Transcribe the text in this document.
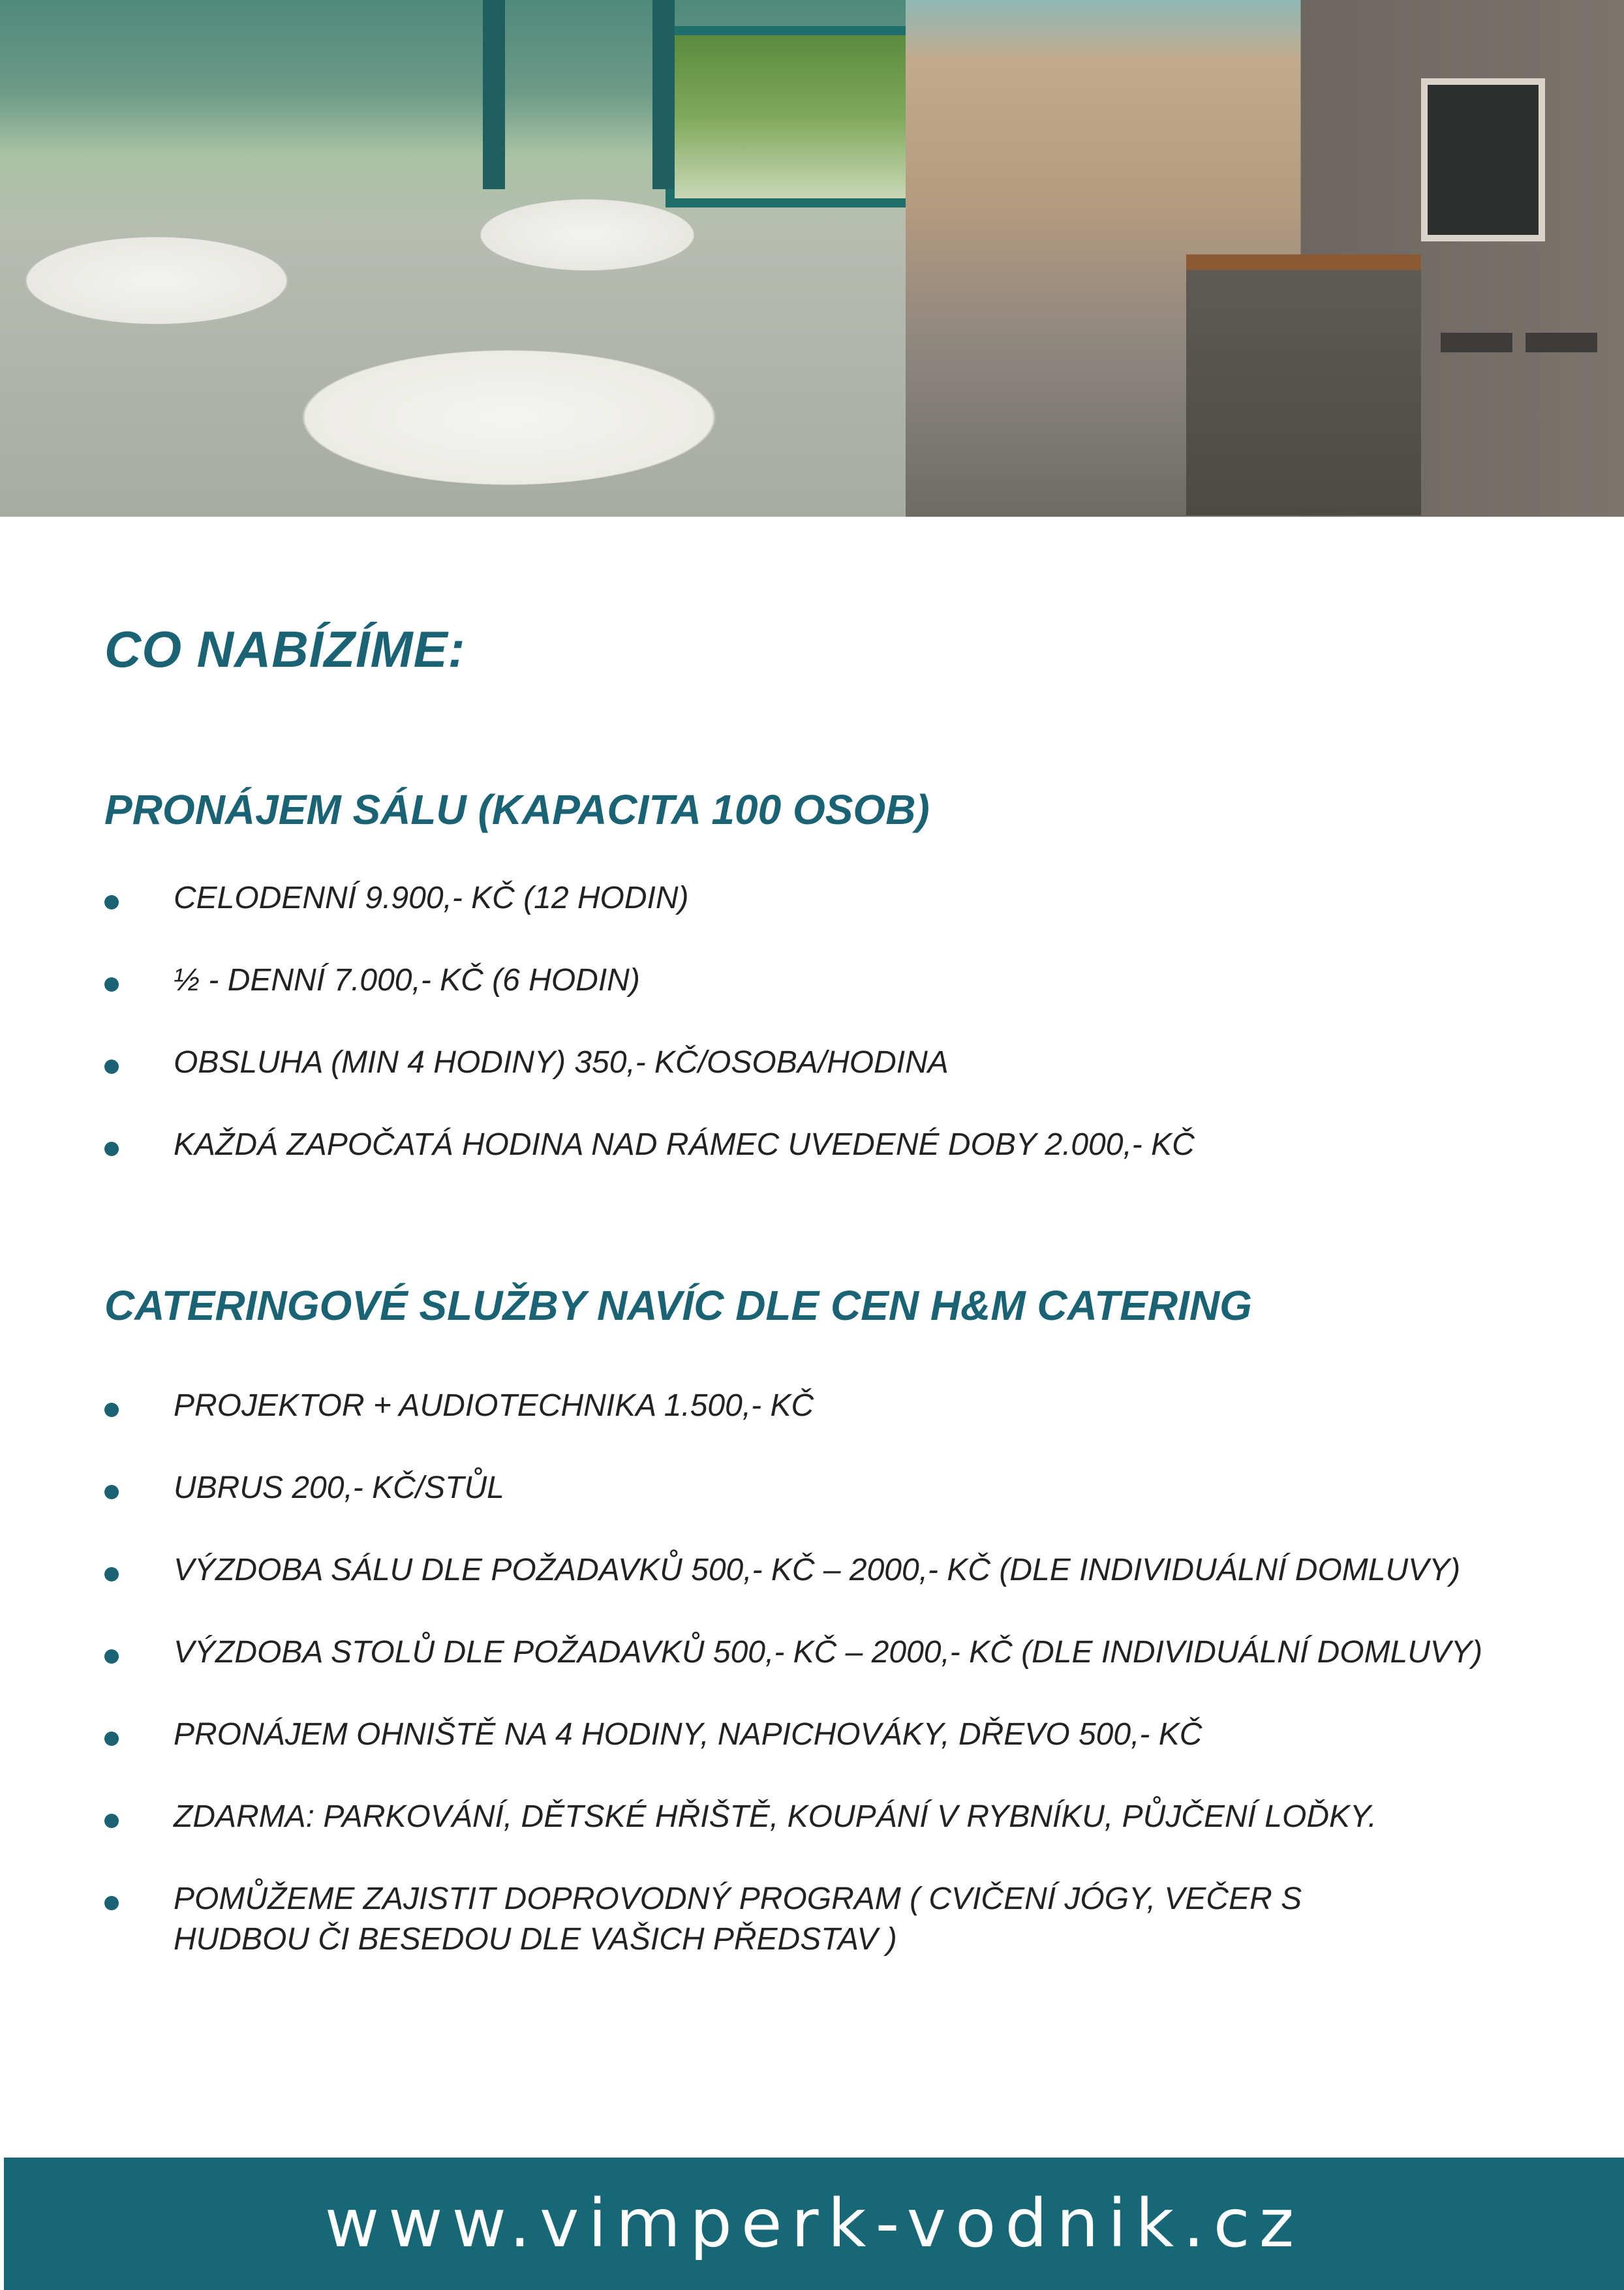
CO NABÍZÍME:
PRONÁJEM SÁLU (KAPACITA 100 OSOB)
CELODENNÍ 9.900,- KČ (12 HODIN)
½ - DENNÍ 7.000,- KČ (6 HODIN)
OBSLUHA (MIN 4 HODINY) 350,- KČ/OSOBA/HODINA
KAŽDÁ ZAPOČATÁ HODINA NAD RÁMEC UVEDENÉ DOBY 2.000,- KČ
CATERINGOVÉ SLUŽBY NAVÍC DLE CEN H&M CATERING
PROJEKTOR + AUDIOTECHNIKA 1.500,- KČ
UBRUS 200,- KČ/STŮL
VÝZDOBA SÁLU DLE POŽADAVKŮ 500,- KČ – 2000,- KČ (DLE INDIVIDUÁLNÍ DOMLUVY)
VÝZDOBA STOLŮ DLE POŽADAVKŮ 500,- KČ – 2000,- KČ (DLE INDIVIDUÁLNÍ DOMLUVY)
PRONÁJEM OHNIŠTĚ NA 4 HODINY, NAPICHOVÁKY, DŘEVO 500,- KČ
ZDARMA: PARKOVÁNÍ, DĚTSKÉ HŘIŠTĚ, KOUPÁNÍ V RYBNÍKU, PŮJČENÍ LOĎKY.
POMŮŽEME ZAJISTIT DOPROVODNÝ PROGRAM ( CVIČENÍ JÓGY, VEČER S HUDBOU ČI BESEDOU DLE VAŠICH PŘEDSTAV )
www.vimperk-vodnik.cz
